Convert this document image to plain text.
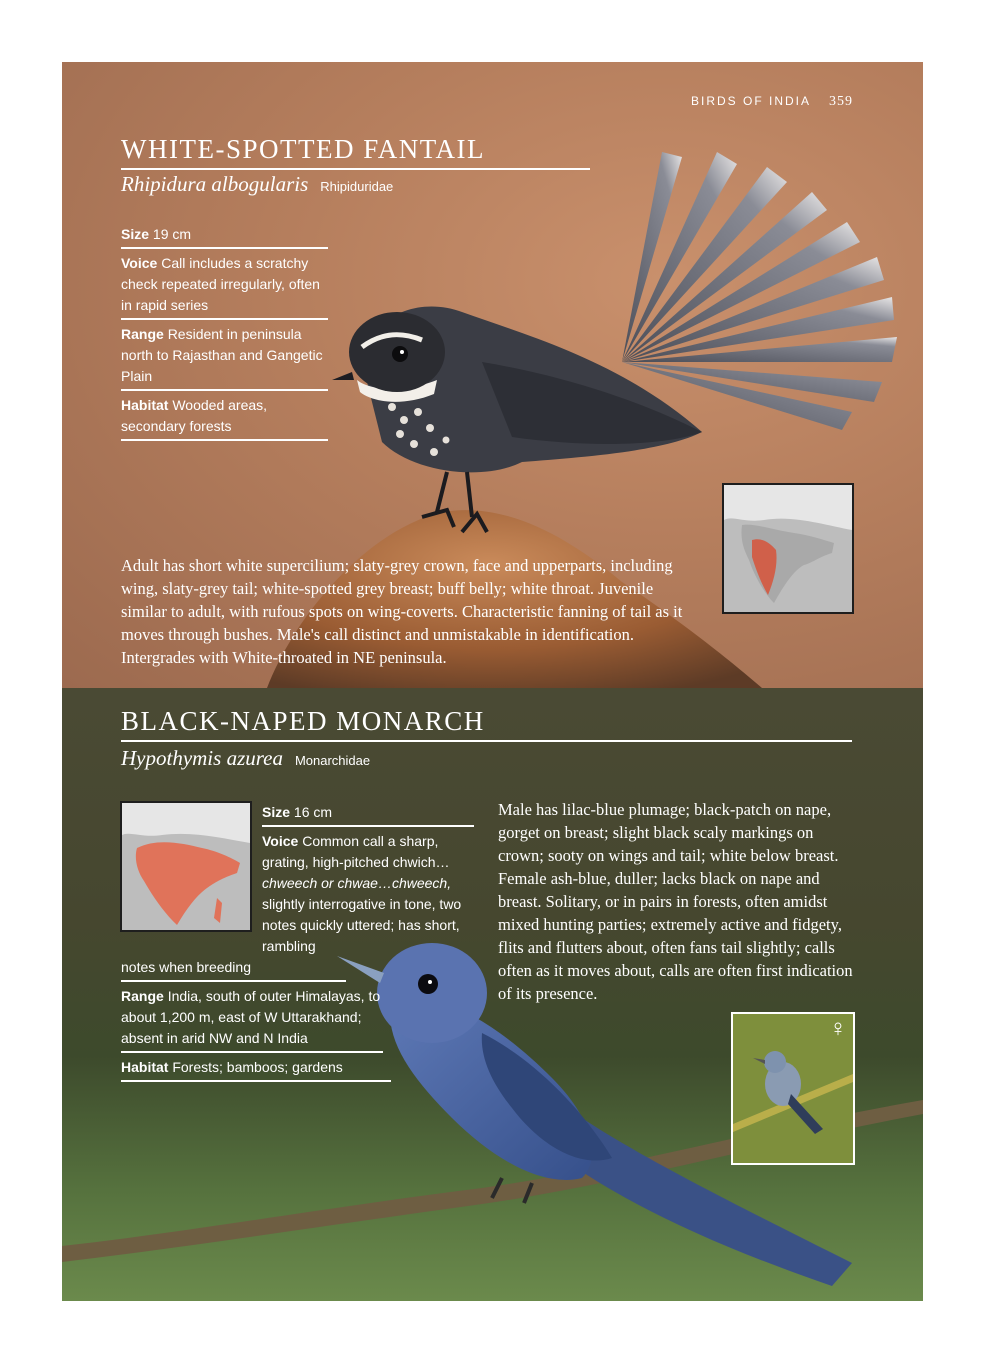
BIRDS OF INDIA 359
WHITE-SPOTTED FANTAIL
Rhipidura albogularis Rhipiduridae
Size 19 cm
Voice Call includes a scratchy check repeated irregularly, often in rapid series
Range Resident in peninsula north to Rajasthan and Gangetic Plain
Habitat Wooded areas, secondary forests
Adult has short white supercilium; slaty-grey crown, face and upperparts, including wing, slaty-grey tail; white-spotted grey breast; buff belly; white throat. Juvenile similar to adult, with rufous spots on wing-coverts. Characteristic fanning of tail as it moves through bushes. Male's call distinct and unmistakable in identification. Intergrades with White-throated in NE peninsula.
BLACK-NAPED MONARCH
Hypothymis azurea Monarchidae
Size 16 cm
Voice Common call a sharp,
grating, high-pitched chwich…
chweech or chwae…chweech,
slightly interrogative in tone, two
notes quickly uttered; has short,
rambling
notes when breeding
Range India, south of outer Himalayas, to about 1,200 m, east of W Uttarakhand; absent in arid NW and N India
Habitat Forests; bamboos; gardens
Male has lilac-blue plumage; black-patch on nape, gorget on breast; slight black scaly markings on crown; sooty on wings and tail; white below breast. Female ash-blue, duller; lacks black on nape and breast. Solitary, or in pairs in forests, often amidst mixed hunting parties; extremely active and fidgety, flits and flutters about, often fans tail slightly; calls often as it moves about, calls are often first indication of its presence.
♀
